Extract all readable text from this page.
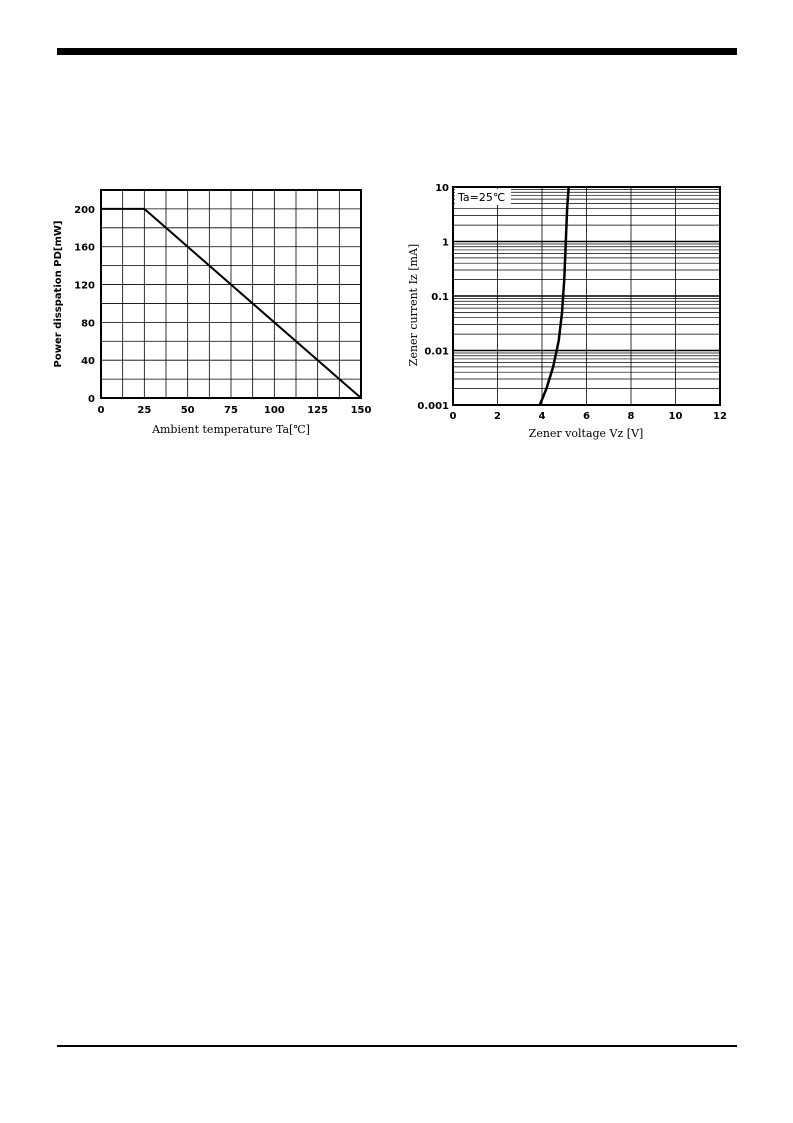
0	25	50	75	100 125 150
0
40
80
120
160
200
Ambient temperature Ta[℃]
Power disspation PD[mW]
Ta=25℃
0	2	4	6	8	10	12
0.001
0.01
0.1
1
10
Zener voltage Vz [V]
Zener current Iz [mA]
